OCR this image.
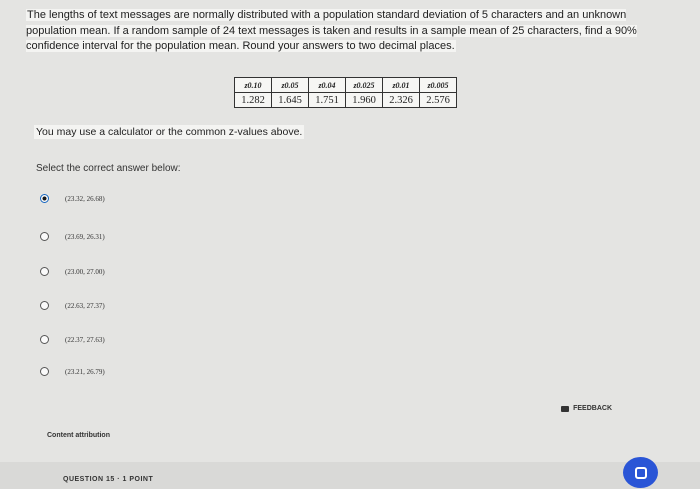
The lengths of text messages are normally distributed with a population standard deviation of 5 characters and an unknown population mean. If a random sample of 24 text messages is taken and results in a sample mean of 25 characters, find a 90% confidence interval for the population mean. Round your answers to two decimal places.
z0.10	z0.05	z0.04	z0.025	z0.01	z0.005
1.282	1.645	1.751	1.960	2.326	2.576
You may use a calculator or the common z-values above.
Select the correct answer below:
(23.32, 26.68)
(23.69, 26.31)
(23.00, 27.00)
(22.63, 27.37)
(22.37, 27.63)
(23.21, 26.79)
FEEDBACK
Content attribution
QUESTION 15 · 1 POINT
